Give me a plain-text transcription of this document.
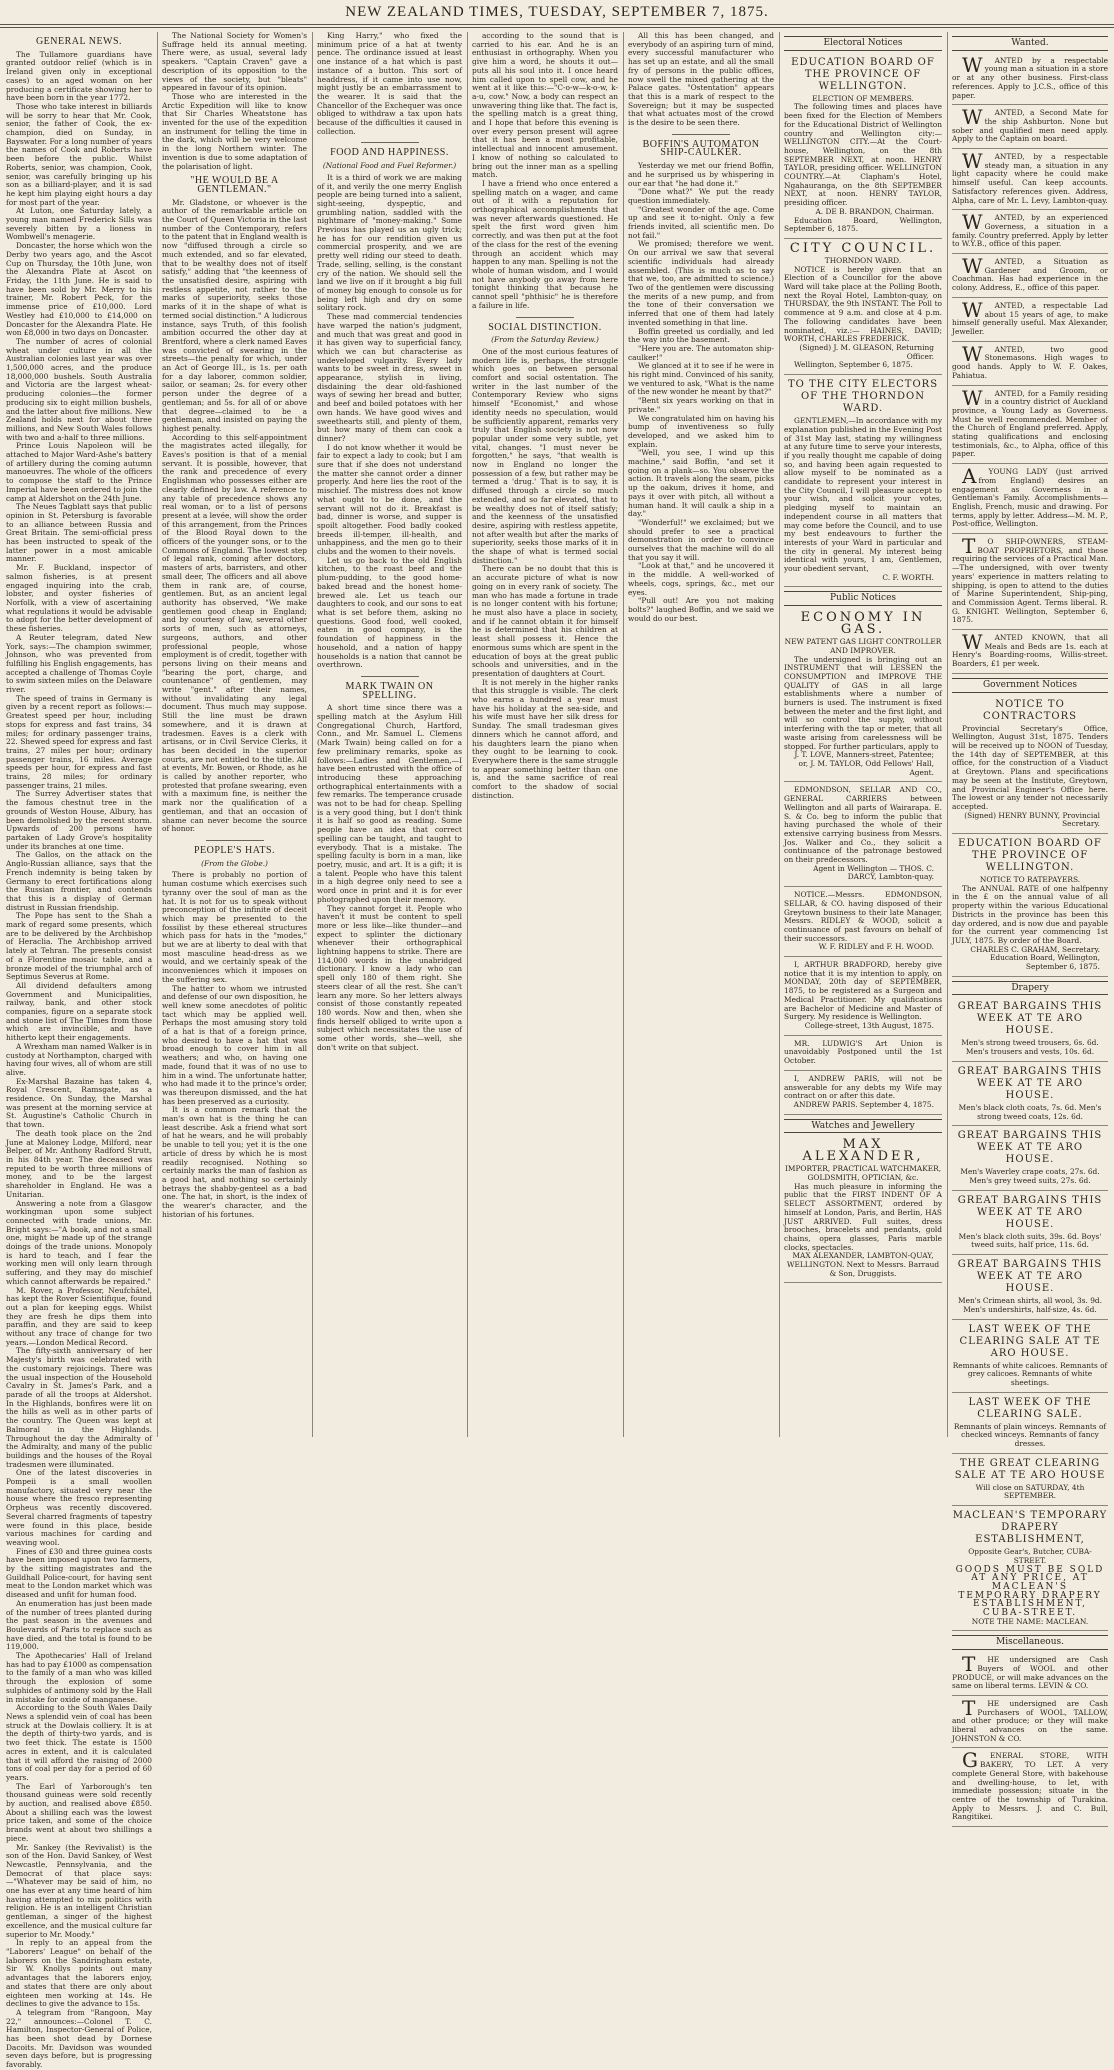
NEW ZEALAND TIMES, TUESDAY, SEPTEMBER 7, 1875.
GENERAL NEWS.
The Tullamore guardians have granted outdoor relief (which is in Ireland given only in exceptional cases) to an aged woman on her producing a certificate showing her to have been born in the year 1772.
Those who take interest in billiards will be sorry to hear that Mr. Cook, senior, the father of Cook, the ex-champion, died on Sunday, in Bayswater. For a long number of years the names of Cook and Roberts have been before the public. Whilst Roberts, senior, was champion, Cook, senior, was carefully bringing up his son as a billiard-player, and it is sad he kept him playing eight hours a day for most part of the year.
At Luton, one Saturday lately, a young man named Frederick Sills was severely bitten by a lioness in Wombwell's menagerie.
Doncaster, the horse which won the Derby two years ago, and the Ascot Cup on Thursday, the 10th June, won the Alexandra Plate at Ascot on Friday, the 11th June. He is said to have been sold by Mr. Merry to his trainer, Mr. Robert Peck, for the immense price of £10,000. Lord Westley had £10,000 to £14,000 on Doncaster for the Alexandra Plate. He won £8,000 in two days on Doncaster.
The number of acres of colonial wheat under culture in all the Australian colonies last year was over 1,500,000 acres, and the produce 18,000,000 bushels. South Australia and Victoria are the largest wheat-producing colonies—the former producing six to eight million bushels, and the latter about five millions. New Zealand holds next for about three millions, and New South Wales follows with two and a-half to three millions.
Prince Louis Napoleon will be attached to Major Ward-Ashe's battery of artillery during the coming autumn manoeuvres. The whole of the officers to compose the staff to the Prince Imperial have been ordered to join the camp at Aldershot on the 24th June.
The Neues Tagblatt says that public opinion in St. Petersburg is favorable to an alliance between Russia and Great Britain. The semi-official press has been instructed to speak of the latter power in a most amicable manner.
Mr. F. Buckland, inspector of salmon fisheries, is at present engaged inquiring into the crab, lobster, and oyster fisheries of Norfolk, with a view of ascertaining what regulations it would be advisable to adopt for the better development of these fisheries.
A Reuter telegram, dated New York, says:—The champion swimmer, Johnson, who was prevented from fulfilling his English engagements, has accepted a challenge of Thomas Coyle to swim sixteen miles on the Delaware river.
The speed of trains in Germany is given by a recent report as follows:—Greatest speed per hour, including stops for express and fast trains, 34 miles; for ordinary passenger trains, 22. Shewed speed for express and fast trains, 27 miles per hour; ordinary passenger trains, 16 miles. Average speeds per hour, for express and fast trains, 28 miles; for ordinary passenger trains, 21 miles.
The Surrey Advertiser states that the famous chestnut tree in the grounds of Weston House, Albury, has been demolished by the recent storm. Upwards of 200 persons have partaken of Lady Grove's hospitality under its branches at one time.
The Gallos, on the attack on the Anglo-Russian alliance, says that the French indemnity is being taken by Germany to erect fortifications along the Russian frontier, and contends that this is a display of German distrust in Russian friendship.
The Pope has sent to the Shah a mark of regard some presents, which are to be delivered by the Archbishop of Heraclia. The Archbishop arrived lately at Tehran. The presents consist of a Florentine mosaic table, and a bronze model of the triumphal arch of Septimus Severus at Rome.
All dividend defaulters among Government and Municipalities, railway, bank, and other stock companies, figure on a separate stock and stone list of The Times from those which are invincible, and have hitherto kept their engagements.
A Wrexham man named Walker is in custody at Northampton, charged with having four wives, all of whom are still alive.
Ex-Marshal Bazaine has taken 4, Royal Crescent, Ramsgate, as a residence. On Sunday, the Marshal was present at the morning service at St. Augustine's Catholic Church in that town.
The death took place on the 2nd June at Maloney Lodge, Milford, near Belper, of Mr. Anthony Radford Strutt, in his 84th year. The deceased was reputed to be worth three millions of money, and to be the largest shareholder in England. He was a Unitarian.
Answering a note from a Glasgow workingman upon some subject connected with trade unions, Mr. Bright says:—"A book, and not a small one, might be made up of the strange doings of the trade unions. Monopoly is hard to teach, and I fear the working men will only learn through suffering, and they may do mischief which cannot afterwards be repaired."
M. Rover, a Professor, Neufchâtel, has kept the Rover Scientifique, found out a plan for keeping eggs. Whilst they are fresh he dips them into paraffin, and they are said to keep without any trace of change for two years.—London Medical Record.
The fifty-sixth anniversary of her Majesty's birth was celebrated with the customary rejoicings. There was the usual inspection of the Household Cavalry in St. James's Park, and a parade of all the troops at Aldershot. In the Highlands, bonfires were lit on the hills as well as in other parts of the country. The Queen was kept at Balmoral in the Highlands. Throughout the day the Admiralty of the Admiralty, and many of the public buildings and the houses of the Royal tradesmen were illuminated.
One of the latest discoveries in Pompeii is a small woollen manufactory, situated very near the house where the fresco representing Orpheus was recently discovered. Several charred fragments of tapestry were found in this place, beside various machines for carding and weaving wool.
Fines of £30 and three guinea costs have been imposed upon two farmers, by the sitting magistrates and the Guildhall Police-court, for having sent meat to the London market which was diseased and unfit for human food.
An enumeration has just been made of the number of trees planted during the past season in the avenues and Boulevards of Paris to replace such as have died, and the total is found to be 119,000.
The Apothecaries' Hall of Ireland has had to pay £1000 as compensation to the family of a man who was killed through the explosion of some sulphides of antimony sold by the Hall in mistake for oxide of manganese.
According to the South Wales Daily News a splendid vein of coal has been struck at the Dowlais colliery. It is at the depth of thirty-two yards, and is two feet thick. The estate is 1500 acres in extent, and it is calculated that it will afford the raising of 2000 tons of coal per day for a period of 60 years.
The Earl of Yarborough's ten thousand guineas were sold recently by auction, and realised above £850. About a shilling each was the lowest price taken, and some of the choice brands went at about two shillings a piece.
Mr. Sankey (the Revivalist) is the son of the Hon. David Sankey, of West Newcastle, Pennsylvania, and the Democrat of that place says:—"Whatever may be said of him, no one has ever at any time heard of him having attempted to mix politics with religion. He is an intelligent Christian gentleman, a singer of the highest excellence, and the musical culture far superior to Mr. Moody."
In reply to an appeal from the "Laborers' League" on behalf of the laborers on the Sandringham estate, Sir W. Knollys points out many advantages that the laborers enjoy, and states that there are only about eighteen men working at 14s. He declines to give the advance to 15s.
A telegram from "Rangoon, May 22," announces:—Colonel T. C. Hamilton, Inspector-General of Police, has been shot dead by Dornese Dacoits. Mr. Davidson was wounded seven days before, but is progressing favorably.
The National Society for Women's Suffrage held its annual meeting. There were, as usual, several lady speakers. "Captain Craven" gave a description of its opposition to the views of the society, but "bleats" appeared in favour of its opinion.
Those who are interested in the Arctic Expedition will like to know that Sir Charles Wheatstone has invented for the use of the expedition an instrument for telling the time in the dark, which will be very welcome in the long Northern winter. The invention is due to some adaptation of the polarisation of light.
"HE WOULD BE A GENTLEMAN."
Mr. Gladstone, or whoever is the author of the remarkable article on the Court of Queen Victoria in the last number of the Contemporary, refers to the patent that in England wealth is now "diffused through a circle so much extended, and so far elevated, that to be wealthy does not of itself satisfy," adding that "the keenness of the unsatisfied desire, aspiring with restless appetite, not rather to the marks of superiority, seeks those marks of it in the shape of what is termed social distinction." A ludicrous instance, says Truth, of this foolish ambition occurred the other day at Brentford, where a clerk named Eaves was convicted of swearing in the streets—the penalty for which, under an Act of George III., is 1s. per oath for a day laborer, common soldier, sailor, or seaman; 2s. for every other person under the degree of a gentleman; and 5s. for all of or above that degree—claimed to be a gentleman, and insisted on paying the highest penalty.
According to this self-appointment the magistrates acted illegally, for Eaves's position is that of a menial servant. It is possible, however, that the rank and precedence of every Englishman who possesses either are clearly defined by law. A reference to any table of precedence shows any real woman, or to a list of persons present at a levée, will show the order of this arrangement, from the Princes of the Blood Royal down to the officers of the younger sons, or to the Commons of England. The lowest step of legal rank, coming after doctors, masters of arts, barristers, and other small deer, The officers and all above them in rank are, of course, gentlemen. But, as an ancient legal authority has observed, "We make gentlemen good cheap in England; and by courtesy of law, several other sorts of men, such as attorneys, surgeons, authors, and other professional people, whose employment is of credit, together with persons living on their means and "bearing the port, charge, and countenance" of gentlemen, may write "gent." after their names, without invalidating any legal document. Thus much may suppose. Still the line must be drawn somewhere, and it is drawn at tradesmen. Eaves is a clerk with artisans, or in Civil Service Clerks, it has been decided in the superior courts, are not entitled to the title. All at events, Mr. Bowen, or Rhode, as he is called by another reporter, who protested that profane swearing, even with a maximum fine, is neither the mark nor the qualification of a gentleman, and that an occasion of shame can never become the source of honor.
PEOPLE'S HATS.
(From the Globe.)
There is probably no portion of human costume which exercises such tyranny over the soul of man as the hat. It is not for us to speak without preconception of the infinite of deceit which may be presented to the fossilist by these ethereal structures which pass for hats in the "modes," but we are at liberty to deal with that most masculine head-dress as we would, and we certainly speak of the inconveniences which it imposes on the suffering sex.
The hatter to whom we intrusted and defense of our own disposition, he well knew some anecdotes of politic tact which may be applied well. Perhaps the most amusing story told of a hat is that of a foreign prince, who desired to have a hat that was broad enough to cover him in all weathers; and who, on having one made, found that it was of no use to him in a wind. The unfortunate hatter, who had made it to the prince's order, was thereupon dismissed, and the hat has been preserved as a curiosity.
It is a common remark that the man's own hat is the thing he can least describe. Ask a friend what sort of hat he wears, and he will probably be unable to tell you; yet it is the one article of dress by which he is most readily recognised. Nothing so certainly marks the man of fashion as a good hat, and nothing so certainly betrays the shabby-genteel as a bad one. The hat, in short, is the index of the wearer's character, and the historian of his fortunes.
King Harry," who fixed the minimum price of a hat at twenty pence. The ordinance issued at least one instance of a hat which is past instance of a button. This sort of headdress, if it came into use now, might justly be an embarrassment to the wearer. It is said that the Chancellor of the Exchequer was once obliged to withdraw a tax upon hats because of the difficulties it caused in collection.
FOOD AND HAPPINESS.
(National Food and Fuel Reformer.)
It is a third of work we are making of it, and verily the one merry English people are being turned into a salient, sight-seeing, dyspeptic, and grumbling nation, saddled with the nightmare of "money-making." Some Previous has played us an ugly trick; he has for our rendition given us commercial prosperity, and we are pretty well riding our steed to death. Trade, selling, selling, is the constant cry of the nation. We should sell the land we live on if it brought a big full of money big enough to console us for being left high and dry on some solitary rock.
These mad commercial tendencies have warped the nation's judgment, and much that was great and good in it has given way to superficial fancy, which we can but characterise as undeveloped vulgarity. Every lady wants to be sweet in dress, sweet in appearance, stylish in living, disdaining the dear old-fashioned ways of sewing her bread and butter, and beef and boiled potatoes with her own hands. We have good wives and sweethearts still, and plenty of them, but how many of them can cook a dinner?
I do not know whether it would be fair to expect a lady to cook; but I am sure that if she does not understand the matter she cannot order a dinner properly. And here lies the root of the mischief. The mistress does not know what ought to be done, and the servant will not do it. Breakfast is bad, dinner is worse, and supper is spoilt altogether. Food badly cooked breeds ill-temper, ill-health, and unhappiness, and the men go to their clubs and the women to their novels.
Let us go back to the old English kitchen, to the roast beef and the plum-pudding, to the good home-baked bread and the honest home-brewed ale. Let us teach our daughters to cook, and our sons to eat what is set before them, asking no questions. Good food, well cooked, eaten in good company, is the foundation of happiness in the household, and a nation of happy households is a nation that cannot be overthrown.
MARK TWAIN ON SPELLING.
A short time since there was a spelling match at the Asylum Hill Congregational Church, Hartford, Conn., and Mr. Samuel L. Clemens (Mark Twain) being called on for a few preliminary remarks, spoke as follows:—Ladies and Gentlemen,—I have been entrusted with the office of introducing these approaching orthographical entertainments with a few remarks. The temperance crusade was not to be had for cheap. Spelling is a very good thing, but I don't think it is half so good as reading. Some people have an idea that correct spelling can be taught, and taught to everybody. That is a mistake. The spelling faculty is born in a man, like poetry, music, and art. It is a gift; it is a talent. People who have this talent in a high degree only need to see a word once in print and it is for ever photographed upon their memory.
They cannot forget it. People who haven't it must be content to spell more or less like—like thunder—and expect to splinter the dictionary whenever their orthographical lightning happens to strike. There are 114,000 words in the unabridged dictionary. I know a lady who can spell only 180 of them right. She steers clear of all the rest. She can't learn any more. So her letters always consist of those constantly repeated 180 words. Now and then, when she finds herself obliged to write upon a subject which necessitates the use of some other words, she—well, she don't write on that subject.
according to the sound that is carried to his ear. And he is an enthusiast in orthography. When you give him a word, he shouts it out—puts all his soul into it. I once heard him called upon to spell cow, and he went at it like this:—"C-o-w—k-o-w, k-a-u, cow." Now, a body can respect an unwavering thing like that. The fact is, the spelling match is a great thing, and I hope that before this evening is over every person present will agree that it has been a most profitable, intellectual and innocent amusement. I know of nothing so calculated to bring out the inner man as a spelling match.
I have a friend who once entered a spelling match on a wager, and came out of it with a reputation for orthographical accomplishments that was never afterwards questioned. He spelt the first word given him correctly, and was then put at the foot of the class for the rest of the evening through an accident which may happen to any man. Spelling is not the whole of human wisdom, and I would not have anybody go away from here tonight thinking that because he cannot spell "phthisic" he is therefore a failure in life.
SOCIAL DISTINCTION.
(From the Saturday Review.)
One of the most curious features of modern life is, perhaps, the struggle which goes on between personal comfort and social ostentation. The writer in the last number of the Contemporary Review who signs himself "Economist," and whose identity needs no speculation, would be sufficiently apparent, remarks very truly that English society is not now popular under some very subtle, yet vital, changes. "I must never be forgotten," he says, "that wealth is now in England no longer the possession of a few, but rather may be termed a 'drug.' That is to say, it is diffused through a circle so much extended, and so far elevated, that to be wealthy does not of itself satisfy; and the keenness of the unsatisfied desire, aspiring with restless appetite, not after wealth but after the marks of superiority, seeks those marks of it in the shape of what is termed social distinction."
There can be no doubt that this is an accurate picture of what is now going on in every rank of society. The man who has made a fortune in trade is no longer content with his fortune; he must also have a place in society, and if he cannot obtain it for himself he is determined that his children at least shall possess it. Hence the enormous sums which are spent in the education of boys at the great public schools and universities, and in the presentation of daughters at Court.
It is not merely in the higher ranks that this struggle is visible. The clerk who earns a hundred a year must have his holiday at the sea-side, and his wife must have her silk dress for Sunday. The small tradesman gives dinners which he cannot afford, and his daughters learn the piano when they ought to be learning to cook. Everywhere there is the same struggle to appear something better than one is, and the same sacrifice of real comfort to the shadow of social distinction.
All this has been changed, and everybody of an aspiring turn of mind, every successful manufacturer who has set up an estate, and all the small fry of persons in the public offices, now swell the mixed gathering at the Palace gates. "Ostentation" appears that this is a mark of respect to the Sovereign; but it may be suspected that what actuates most of the crowd is the desire to be seen there.
BOFFIN'S AUTOMATON SHIP-CAULKER.
Yesterday we met our friend Boffin, and he surprised us by whispering in our ear that "he had done it."
"Done what?" We put the ready question immediately.
"Greatest wonder of the age. Come up and see it to-night. Only a few friends invited, all scientific men. Do not fail."
We promised; therefore we went. On our arrival we saw that several scientific individuals had already assembled. (This is much as to say that we, too, are admitted to science.) Two of the gentlemen were discussing the merits of a new pump, and from the tone of their conversation we inferred that one of them had lately invented something in that line.
Boffin greeted us cordially, and led the way into the basement.
"Here you are. The automaton ship-caulker!"
We glanced at it to see if he were in his right mind. Convinced of his sanity, we ventured to ask, "What is the name of the new wonder he meant by that?"
"Bent six years working on that in private."
We congratulated him on having his bump of inventiveness so fully developed, and we asked him to explain.
"Well, you see, I wind up this machine," said Boffin, "and set it going on a plank—so. You observe the action. It travels along the seam, picks up the oakum, drives it home, and pays it over with pitch, all without a human hand. It will caulk a ship in a day."
"Wonderful!" we exclaimed; but we should prefer to see a practical demonstration in order to convince ourselves that the machine will do all that you say it will.
"Look at that," and he uncovered it in the middle. A well-worked of wheels, cogs, springs, &c., met our eyes.
"Pull out! Are you not making bolts?" laughed Boffin, and we said we would do our best.
Electoral Notices
EDUCATION BOARD OF THE PROVINCE OF WELLINGTON.
ELECTION OF MEMBERS.
The following times and places have been fixed for the Election of Members for the Educational District of Wellington country and Wellington city:— WELLINGTON CITY.—At the Court-house, Wellington, on the 8th SEPTEMBER NEXT, at noon. HENRY TAYLOR, presiding officer. WELLINGTON COUNTRY.—At Clapham's Hotel, Ngahauranga, on the 8th SEPTEMBER NEXT, at noon. HENRY TAYLOR, presiding officer.
A. DE B. BRANDON, Chairman.
Education Board, Wellington, September 6, 1875.
CITY COUNCIL.
THORNDON WARD.
NOTICE is hereby given that an Election of a Councillor for the above Ward will take place at the Polling Booth, next the Royal Hotel, Lambton-quay, on THURSDAY, the 9th INSTANT. The Poll to commence at 9 a.m. and close at 4 p.m. The following candidates have been nominated, viz.:— HAINES, DAVID; WORTH, CHARLES FREDERICK.
(Signed) J. M. GLEASON, Returning Officer.
Wellington, September 6, 1875.
TO THE CITY ELECTORS OF THE THORNDON WARD.
GENTLEMEN,—In accordance with my explanation published in the Evening Post of 31st May last, stating my willingness at any future time to serve your interests, if you really thought me capable of doing so, and having been again requested to allow myself to be nominated as a candidate to represent your interest in the City Council, I will pleasure accept to your wish, and solicit your votes, pledging myself to maintain an independent course in all matters that may come before the Council, and to use my best endeavours to further the interests of your Ward in particular and the city in general. My interest being identical with yours, I am, Gentlemen, your obedient servant,
C. F. WORTH.
Public Notices
ECONOMY IN GAS.
NEW PATENT GAS LIGHT CONTROLLER AND IMPROVER.
The undersigned is bringing out an INSTRUMENT that will LESSEN the CONSUMPTION and IMPROVE THE QUALITY of GAS in all large establishments where a number of burners is used. The instrument is fixed between the meter and the first light, and will so control the supply, without interfering with the tap or meter, that all waste arising from carelessness will be stopped. For further particulars, apply to
J. T. LOVE, Manners-street, Patentee; or, J. M. TAYLOR, Odd Fellows' Hall, Agent.
EDMONDSON, SELLAR AND CO., GENERAL CARRIERS between Wellington and all parts of Wairarapa. E. S. & Co. beg to inform the public that having purchased the whole of their extensive carrying business from Messrs. Jos. Walker and Co., they solicit a continuance of the patronage bestowed on their predecessors.
Agent in Wellington — THOS. C. DARCY, Lambton-quay.
NOTICE.—Messrs. EDMONDSON, SELLAR, & CO. having disposed of their Greytown business to their late Manager, Messrs. RIDLEY & WOOD, solicit a continuance of past favours on behalf of their successors.
W. F. RIDLEY and F. H. WOOD.
I, ARTHUR BRADFORD, hereby give notice that it is my intention to apply, on MONDAY, 20th day of SEPTEMBER, 1875, to be registered as a Surgeon and Medical Practitioner. My qualifications are Bachelor of Medicine and Master of Surgery. My residence is Wellington.
College-street, 13th August, 1875.
MR. LUDWIG'S Art Union is unavoidably Postponed until the 1st October.
I, ANDREW PARIS, will not be answerable for any debts my Wife may contract on or after this date.
ANDREW PARIS. September 4, 1875.
Watches and Jewellery
MAX ALEXANDER,
IMPORTER, PRACTICAL WATCHMAKER, GOLDSMITH, OPTICIAN, &c.
Has much pleasure in informing the public that the FIRST INDENT OF A SELECT ASSORTMENT, ordered by himself at London, Paris, and Berlin, HAS JUST ARRIVED. Full suites, dress brooches, bracelets and pendants, gold chains, opera glasses, Paris marble clocks, spectacles.
MAX ALEXANDER, LAMBTON-QUAY, WELLINGTON. Next to Messrs. Barraud & Son, Druggists.
Wanted.
WANTED by a respectable young man a situation in a store or at any other business. First-class references. Apply to J.C.S., office of this paper.
WANTED, a Second Mate for the ship Ashburton. None but sober and qualified men need apply. Apply to the Captain on board.
WANTED, by a respectable steady man, a situation in any light capacity where he could make himself useful. Can keep accounts. Satisfactory references given. Address, Alpha, care of Mr. L. Levy, Lambton-quay.
WANTED, by an experienced Governess, a situation in a family. Country preferred. Apply by letter to W.Y.B., office of this paper.
WANTED, a Situation as Gardener and Groom, or Coachman. Has had experience in the colony. Address, E., office of this paper.
WANTED, a respectable Lad about 15 years of age, to make himself generally useful. Max Alexander, Jeweller.
WANTED, two good Stonemasons. High wages to good hands. Apply to W. F. Oakes, Pahiatua.
WANTED, for a Family residing in a country district of Auckland province, a Young Lady as Governess. Must be well recommended. Member of the Church of England preferred. Apply, stating qualifications and enclosing testimonials, &c., to Alpha, office of this paper.
AYOUNG LADY (just arrived from England) desires an engagement as Governess in a Gentleman's Family. Accomplishments—English, French, music and drawing. For terms, apply by letter. Address—M. M. P., Post-office, Wellington.
TO SHIP-OWNERS, STEAM-BOAT PROPRIETORS, and those requiring the services of a Practical Man.—The undersigned, with over twenty years' experience in matters relating to shipping, is open to attend to the duties of Marine Superintendent, Ship-ping, and Commission Agent. Terms liberal. R. G. KNIGHT. Wellington, September 6, 1875.
WANTED KNOWN, that all Meals and Beds are 1s. each at Henry's Boarding-rooms, Willis-street. Boarders, £1 per week.
Government Notices
NOTICE TO CONTRACTORS
Provincial Secretary's Office, Wellington, August 31st, 1875. Tenders will be received up to NOON of Tuesday, the 14th day of SEPTEMBER, at this office, for the construction of a Viaduct at Greytown. Plans and specifications may be seen at the Institute, Greytown, and Provincial Engineer's Office here. The lowest or any tender not necessarily accepted.
(Signed) HENRY BUNNY, Provincial Secretary.
EDUCATION BOARD OF THE PROVINCE OF WELLINGTON.
NOTICE TO RATEPAYERS.
The ANNUAL RATE of one halfpenny in the £ on the annual value of all property within the various Educational Districts in the province has been this day ordered, and is now due and payable for the current year commencing 1st JULY, 1875. By order of the Board.
CHARLES C. GRAHAM, Secretary. Education Board, Wellington, September 6, 1875.
Drapery
GREAT BARGAINS THIS WEEK AT TE ARO HOUSE.
Men's strong tweed trousers, 6s. 6d. Men's trousers and vests, 10s. 6d.
GREAT BARGAINS THIS WEEK AT TE ARO HOUSE.
Men's black cloth coats, 7s. 6d. Men's strong tweed coats, 12s. 6d.
GREAT BARGAINS THIS WEEK AT TE ARO HOUSE.
Men's Waverley crape coats, 27s. 6d. Men's grey tweed suits, 27s. 6d.
GREAT BARGAINS THIS WEEK AT TE ARO HOUSE.
Men's black cloth suits, 39s. 6d. Boys' tweed suits, half price, 11s. 6d.
GREAT BARGAINS THIS WEEK AT TE ARO HOUSE.
Men's Crimean shirts, all wool, 3s. 9d. Men's undershirts, half-size, 4s. 6d.
LAST WEEK OF THE CLEARING SALE AT TE ARO HOUSE.
Remnants of white calicoes. Remnants of grey calicoes. Remnants of white sheetings.
LAST WEEK OF THE CLEARING SALE.
Remnants of plain winceys. Remnants of checked winceys. Remnants of fancy dresses.
THE GREAT CLEARING SALE AT TE ARO HOUSE
Will close on SATURDAY, 4th SEPTEMBER.
MACLEAN'S TEMPORARY DRAPERY ESTABLISHMENT,
Opposite Gear's, Butcher, CUBA-STREET.
GOODS MUST BE SOLD AT ANY PRICE, AT MACLEAN'S TEMPORARY DRAPERY ESTABLISHMENT, CUBA-STREET.
NOTE THE NAME: MACLEAN.
Miscellaneous.
THE undersigned are Cash Buyers of WOOL and other PRODUCE, or will make advances on the same on liberal terms. LEVIN & CO.
THE undersigned are Cash Purchasers of WOOL, TALLOW, and other produce; or they will make liberal advances on the same. JOHNSTON & CO.
GENERAL STORE, WITH BAKERY, TO LET. A very complete General Store, with bakehouse and dwelling-house, to let, with immediate possession; situate in the centre of the township of Turakina. Apply to Messrs. J. and C. Bull, Rangitikei.
